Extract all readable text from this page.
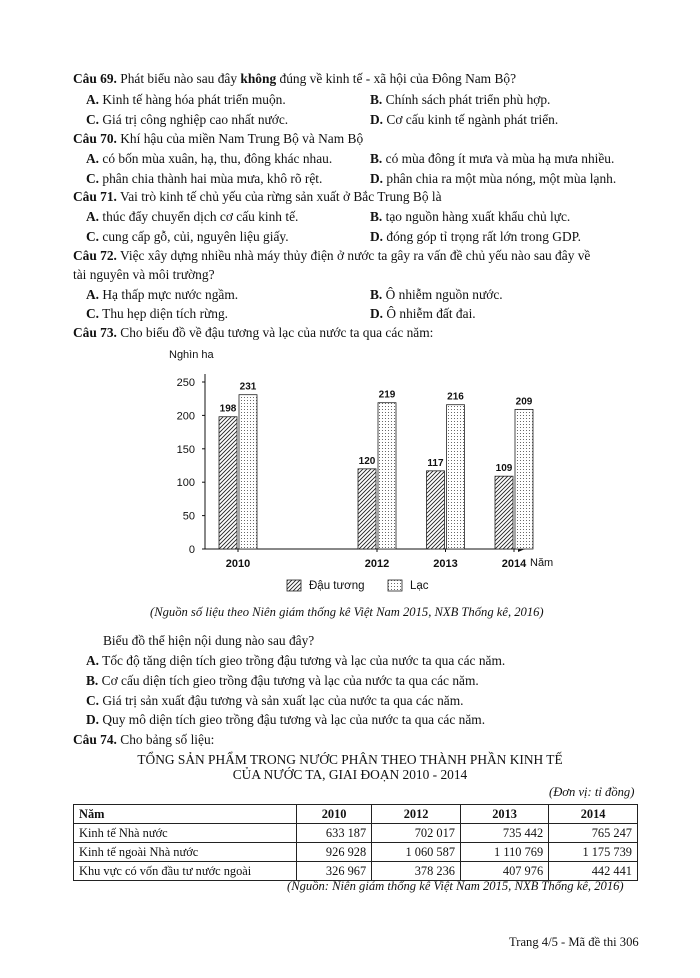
Câu 69. Phát biểu nào sau đây không đúng về kinh tế - xã hội của Đông Nam Bộ?
A. Kinh tế hàng hóa phát triển muộn.	B. Chính sách phát triển phù hợp.
C. Giá trị công nghiệp cao nhất nước.	D. Cơ cấu kinh tế ngành phát triển.
Câu 70. Khí hậu của miền Nam Trung Bộ và Nam Bộ
A. có bốn mùa xuân, hạ, thu, đông khác nhau.	B. có mùa đông ít mưa và mùa hạ mưa nhiều.
C. phân chia thành hai mùa mưa, khô rõ rệt.	D. phân chia ra một mùa nóng, một mùa lạnh.
Câu 71. Vai trò kinh tế chủ yếu của rừng sản xuất ở Bắc Trung Bộ là
A. thúc đẩy chuyển dịch cơ cấu kinh tế.	B. tạo nguồn hàng xuất khẩu chủ lực.
C. cung cấp gỗ, củi, nguyên liệu giấy.	D. đóng góp tỉ trọng rất lớn trong GDP.
Câu 72. Việc xây dựng nhiều nhà máy thủy điện ở nước ta gây ra vấn đề chủ yếu nào sau đây về
tài nguyên và môi trường?
A. Hạ thấp mực nước ngầm.	B. Ô nhiễm nguồn nước.
C. Thu hẹp diện tích rừng.	D. Ô nhiễm đất đai.
Câu 73. Cho biểu đồ về đậu tương và lạc của nước ta qua các năm:
0
50
100
150
200
250
Nghìn ha
Năm
2010	2012	2013	2014
198
231
120
219
117
216
109
209
Đậu tương	Lạc
(Nguồn số liệu theo Niên giám thống kê Việt Nam 2015, NXB Thống kê, 2016)
Biểu đồ thể hiện nội dung nào sau đây?
A. Tốc độ tăng diện tích gieo trồng đậu tương và lạc của nước ta qua các năm.
B. Cơ cấu diện tích gieo trồng đậu tương và lạc của nước ta qua các năm.
C. Giá trị sản xuất đậu tương và sản xuất lạc của nước ta qua các năm.
D. Quy mô diện tích gieo trồng đậu tương và lạc của nước ta qua các năm.
Câu 74. Cho bảng số liệu:
TỔNG SẢN PHẨM TRONG NƯỚC PHÂN THEO THÀNH PHẦN KINH TẾ
CỦA NƯỚC TA, GIAI ĐOẠN 2010 - 2014
(Đơn vị: tỉ đồng)
Năm	2010	2012	2013	2014
Kinh tế Nhà nước	633 187	702 017	735 442	765 247
Kinh tế ngoài Nhà nước	926 928	1 060 587	1 110 769	1 175 739
Khu vực có vốn đầu tư nước ngoài	326 967	378 236	407 976	442 441
(Nguồn: Niên giám thống kê Việt Nam 2015, NXB Thống kê, 2016)
Trang 4/5 - Mã đề thi 306
